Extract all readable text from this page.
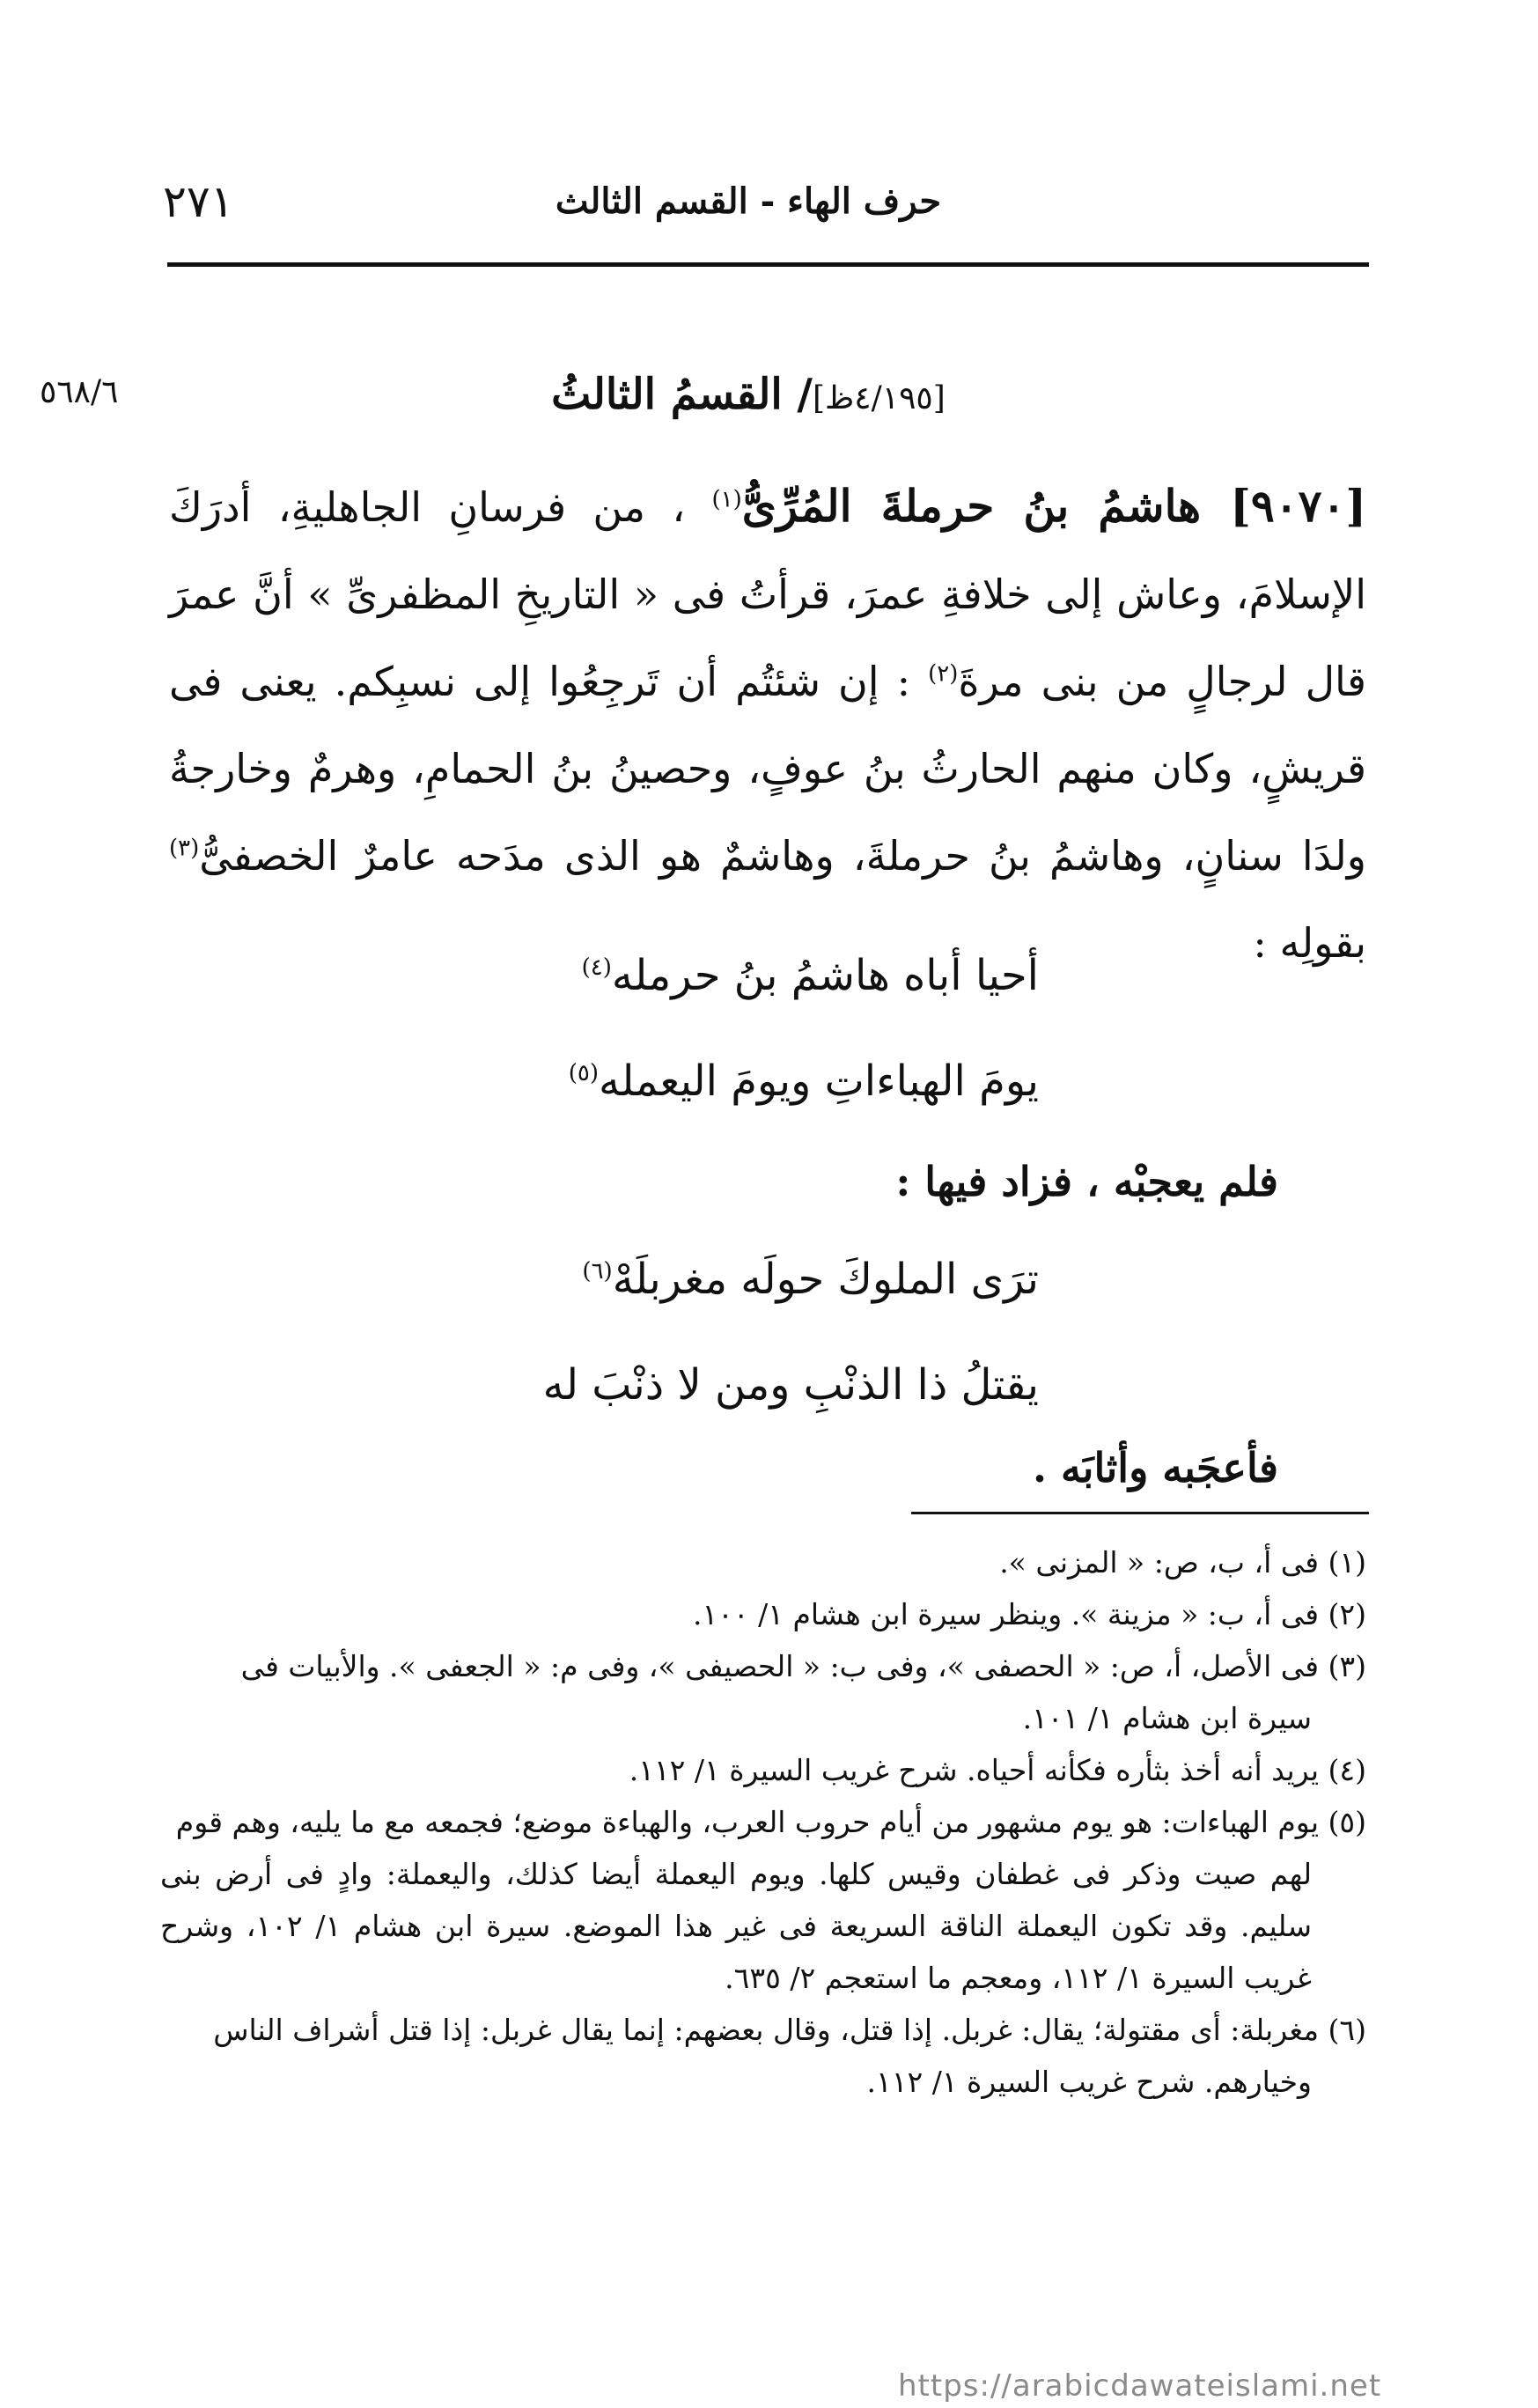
حرف الهاء - القسم الثالث
٢٧١
[٤/١٩٥ظ]/ القسمُ الثالثُ
٥٦٨/٦
[٩٠٧٠] هاشمُ بنُ حرملةَ المُرِّىُّ$^{(١)}$ ، من فرسانِ الجاهليةِ، أدرَكَ الإسلامَ، وعاش إلى خلافةِ عمرَ، قرأتُ فى « التاريخِ المظفرىِّ » أنَّ عمرَ قال لرجالٍ من بنى مرةَ$^{(٢)}$ : إن شئتُم أن تَرجِعُوا إلى نسبِكم. يعنى فى قريشٍ، وكان منهم الحارثُ بنُ عوفٍ، وحصينُ بنُ الحمامِ، وهرمٌ وخارجةُ ولدَا سنانٍ، وهاشمُ بنُ حرملةَ، وهاشمٌ هو الذى مدَحه عامرٌ الخصفىُّ$^{(٣)}$ بقولِه :
أحيا أباه هاشمُ بنُ حرمله$^{(٤)}$
يومَ الهباءاتِ ويومَ اليعمله$^{(٥)}$
فلم يعجبْه ، فزاد فيها :
ترَى الملوكَ حولَه مغربلَهْ$^{(٦)}$
يقتلُ ذا الذنْبِ ومن لا ذنْبَ له
فأعجَبه وأثابَه .

(١) فى أ، ب، ص: « المزنى ».

(٢) فى أ، ب: « مزينة ». وينظر سيرة ابن هشام ١/ ١٠٠.

(٣) فى الأصل، أ، ص: « الحصفى »، وفى ب: « الحصيفى »، وفى م: « الجعفى ». والأبيات فى
سيرة ابن هشام ١/ ١٠١.

(٤) يريد أنه أخذ بثأره فكأنه أحياه. شرح غريب السيرة ١/ ١١٢.

(٥) يوم الهباءات: هو يوم مشهور من أيام حروب العرب، والهباءة موضع؛ فجمعه مع ما يليه، وهم قوم
لهم صيت وذكر فى غطفان وقيس كلها. ويوم اليعملة أيضا كذلك، واليعملة: وادٍ فى أرض بنى سليم. وقد تكون اليعملة الناقة السريعة فى غير هذا الموضع. سيرة ابن هشام ١/ ١٠٢، وشرح غريب السيرة ١/ ١١٢، ومعجم ما استعجم ٢/ ٦٣٥.

(٦) مغربلة: أى مقتولة؛ يقال: غربل. إذا قتل، وقال بعضهم: إنما يقال غربل: إذا قتل أشراف الناس
وخيارهم. شرح غريب السيرة ١/ ١١٢.

https://arabicdawateislami.net
